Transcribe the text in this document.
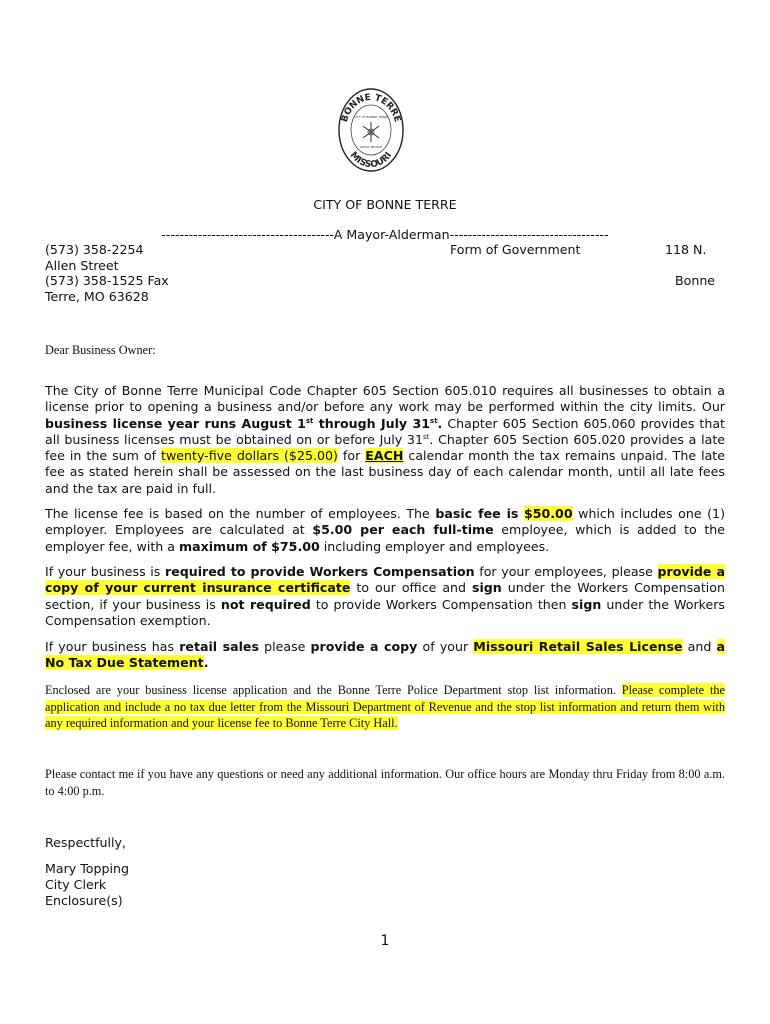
BONNE TERRE
MISSOURI
CITY OF BONNE TERRE
GREAT PEOPLE
CITY OF BONNE TERRE
--------------------------------------A Mayor-Alderman-----------------------------------
(573) 358-2254	Form of Government	118 N.
Allen Street
(573) 358-1525 Fax	Bonne
Terre, MO 63628
Dear Business Owner:
The City of Bonne Terre Municipal Code Chapter 605 Section 605.010 requires all businesses to obtain a license prior to opening a business and/or before any work may be performed within the city limits. Our business license year runs August 1st through July 31st. Chapter 605 Section 605.060 provides that all business licenses must be obtained on or before July 31st. Chapter 605 Section 605.020 provides a late fee in the sum of twenty-five dollars ($25.00) for EACH calendar month the tax remains unpaid. The late fee as stated herein shall be assessed on the last business day of each calendar month, until all late fees and the tax are paid in full.
The license fee is based on the number of employees. The basic fee is $50.00 which includes one (1) employer. Employees are calculated at $5.00 per each full-time employee, which is added to the employer fee, with a maximum of $75.00 including employer and employees.
If your business is required to provide Workers Compensation for your employees, please provide a copy of your current insurance certificate to our office and sign under the Workers Compensation section, if your business is not required to provide Workers Compensation then sign under the Workers Compensation exemption.
If your business has retail sales please provide a copy of your Missouri Retail Sales License and a No Tax Due Statement.
Enclosed are your business license application and the Bonne Terre Police Department stop list information. Please complete the application and include a no tax due letter from the Missouri Department of Revenue and the stop list information and return them with any required information and your license fee to Bonne Terre City Hall.
Please contact me if you have any questions or need any additional information. Our office hours are Monday thru Friday from 8:00 a.m. to 4:00 p.m.
Respectfully,
Mary Topping
City Clerk
Enclosure(s)
1
